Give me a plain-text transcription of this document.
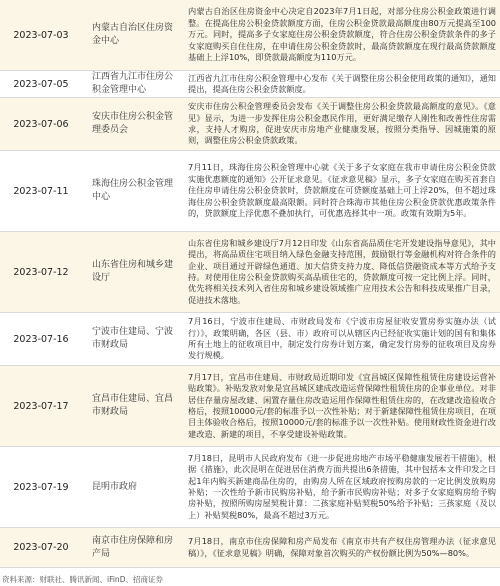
2023-07-03
内蒙古自治区住房资金中心
内蒙古自治区住房资金中心决定自2023年7月1日起，对部分住房公积金政策进行调整。在提高住房公积金贷款额度方面，住房公积金贷款最高额度由80万元提高至100万元。同时，提高多子女家庭住房公积金贷款额度，符合住房公积金贷款条件的多子女家庭购买自住住房，在申请住房公积金贷款时，最高贷款额度在现行最高贷款额度基础上上浮10%，即贷款最高额度为110万元。
2023-07-05
江西省九江市住房公积金管理中心
江西省九江市住房公积金管理中心发布《关于调整住房公积金使用政策的通知》，通知提出，提高住房公积金贷款额度。
2023-07-06
安庆市住房公积金管理委员会
安庆市住房公积金管理委员会发布《关于调整住房公积金贷款最高额度的意见》。《意见》显示，为进一步发挥住房公积金惠民作用，更好满足缴存人刚性和改善性住房需求，支持人才购房，促进安庆市房地产业健康发展，按照分类指导、因城施策的原则，调整住房公积金贷款政策。
2023-07-11
珠海住房公积金管理中心
7月11日，珠海住房公积金管理中心就《关于多子女家庭在我市申请住房公积金贷款实施优惠额度的通知》公开征求意见。《征求意见稿》显示，多子女家庭在购买首套自住住房申请住房公积金贷款时，贷款额度在可贷额度基础上可上浮20%，但不超过珠海住房公积金贷款额度最高限额。同时符合珠海市其他住房公积金贷款优惠政策条件的，贷款额度上浮优惠不叠加执行，可优惠选择其中一项。政策有效期为5年。
2023-07-12
山东省住房和城乡建设厅
山东省住房和城乡建设厅7月12日印发《山东省高品质住宅开发建设指导意见》，其中提出，将高品质住宅项目纳入绿色金融支持范围，鼓励银行等金融机构对符合条件的企业、项目通过开辟绿色通道、加大信贷支持力度、降低信贷融资成本等方式给予支持。对使用住房公积金贷款购买高品质住宅的，贷款额度可按一定比例上浮。同时，优先将相关技术列入省住房和城乡建设领域推广应用技术公告和科技成果推广目录，促进技术落地。
2023-07-16
宁波市住建局、宁波市财政局
7月16日，宁波市住建局、市财政局发布《宁波市房屋征收安置房券实施办法（试行）》，政策明确，各区（县、市）政府可以从辖区内已经征收实施计划的国有和集体所有土地上的征收项目中，制定发行房券计划方案，确定发行房券的征收项目及房券发行规模。
2023-07-17
宜昌市住建局、宜昌市财政局
7月17日，宜昌市住建局、市财政局近期印发《宜昌城区保障性租赁住房建设运营补贴政策》。补贴发放对象是宜昌城区建成改造运营保障性租赁住房的企事业单位。对非居住存量房屋改建、闲置存量住房改造运用作保障性租赁住房的，在改建改造验收合格后，按照10000元/套的标准予以一次性补贴；对于新建保障性租赁住房项目，在项目主体验收合格后，按照10000元/套的标准予以一次性补贴。使用财政性资金进行改建改造、新建的项目，不享受建设补贴政策。
2023-07-19	昆明市政府
7月18日，昆明市人民政府发布《进一步促进房地产市场平稳健康发展若干措施》，根据《措施》，此次昆明在促进居住消费方面共提出6条措施，其中包括本文件印发之日起1年内购买新建商品住房的，由购房人所在区域政府按购房款的一定比例发放购房补贴；一次性给予新市民购房补贴，给予新市民购房补贴；对多子女家庭购房给予购房补贴，按照所购房屋契税计算：二孩家庭补贴契税50%给予补贴；三孩家庭（及以上）补贴契税80%，最高不超过3万元。
2023-07-20
南京市住房保障和房产局
7月18日，南京市住房保障和房产局发布《南京市共有产权住房管理办法（征求意见稿）》，《征求意见稿》明确，保障对象首次购买的产权份额比例为50%—80%。
资料来源：财联社、腾讯新闻、iFinD、招商证券
